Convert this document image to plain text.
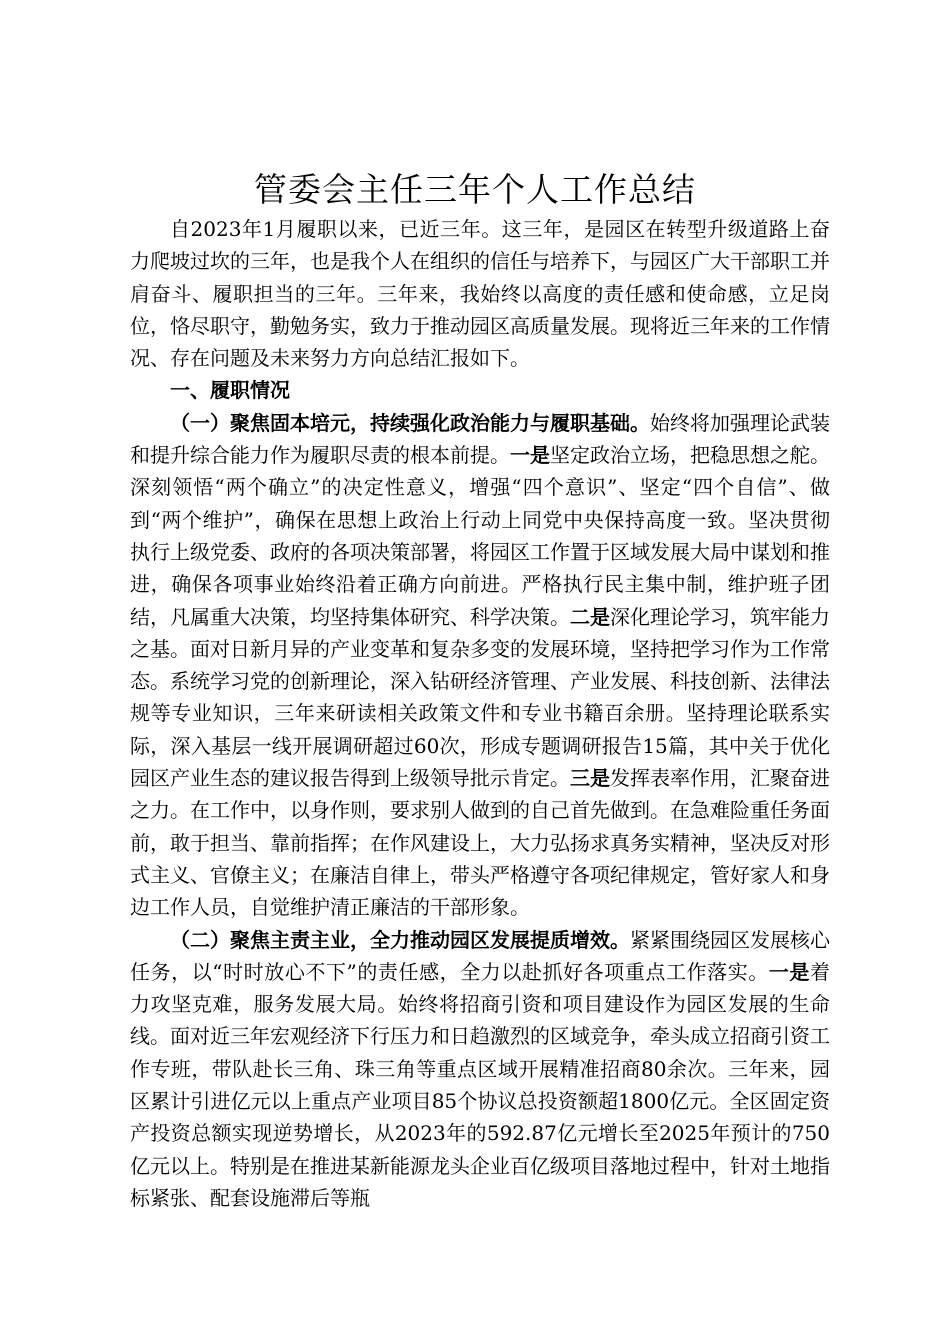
管委会主任三年个人工作总结

自2023年1月履职以来，已近三年。这三年，是园区在转型升级道路上奋力爬坡过坎的三年，也是我个人在组织的信任与培养下，与园区广大干部职工并肩奋斗、履职担当的三年。三年来，我始终以高度的责任感和使命感，立足岗位，恪尽职守，勤勉务实，致力于推动园区高质量发展。现将近三年来的工作情况、存在问题及未来努力方向总结汇报如下。

一、履职情况

（一）聚焦固本培元，持续强化政治能力与履职基础。始终将加强理论武装和提升综合能力作为履职尽责的根本前提。一是坚定政治立场，把稳思想之舵。深刻领悟“两个确立”的决定性意义，增强“四个意识”、坚定“四个自信”、做到“两个维护”，确保在思想上政治上行动上同党中央保持高度一致。坚决贯彻执行上级党委、政府的各项决策部署，将园区工作置于区域发展大局中谋划和推进，确保各项事业始终沿着正确方向前进。严格执行民主集中制，维护班子团结，凡属重大决策，均坚持集体研究、科学决策。二是深化理论学习，筑牢能力之基。面对日新月异的产业变革和复杂多变的发展环境，坚持把学习作为工作常态。系统学习党的创新理论，深入钻研经济管理、产业发展、科技创新、法律法规等专业知识，三年来研读相关政策文件和专业书籍百余册。坚持理论联系实际，深入基层一线开展调研超过60次，形成专题调研报告15篇，其中关于优化园区产业生态的建议报告得到上级领导批示肯定。三是发挥表率作用，汇聚奋进之力。在工作中，以身作则，要求别人做到的自己首先做到。在急难险重任务面前，敢于担当、靠前指挥；在作风建设上，大力弘扬求真务实精神，坚决反对形式主义、官僚主义；在廉洁自律上，带头严格遵守各项纪律规定，管好家人和身边工作人员，自觉维护清正廉洁的干部形象。

（二）聚焦主责主业，全力推动园区发展提质增效。紧紧围绕园区发展核心任务，以“时时放心不下”的责任感，全力以赴抓好各项重点工作落实。一是着力攻坚克难，服务发展大局。始终将招商引资和项目建设作为园区发展的生命线。面对近三年宏观经济下行压力和日趋激烈的区域竞争，牵头成立招商引资工作专班，带队赴长三角、珠三角等重点区域开展精准招商80余次。三年来，园区累计引进亿元以上重点产业项目85个协议总投资额超1800亿元。全区固定资产投资总额实现逆势增长，从2023年的592.87亿元增长至2025年预计的750亿元以上。特别是在推进某新能源龙头企业百亿级项目落地过程中，针对土地指标紧张、配套设施滞后等瓶
